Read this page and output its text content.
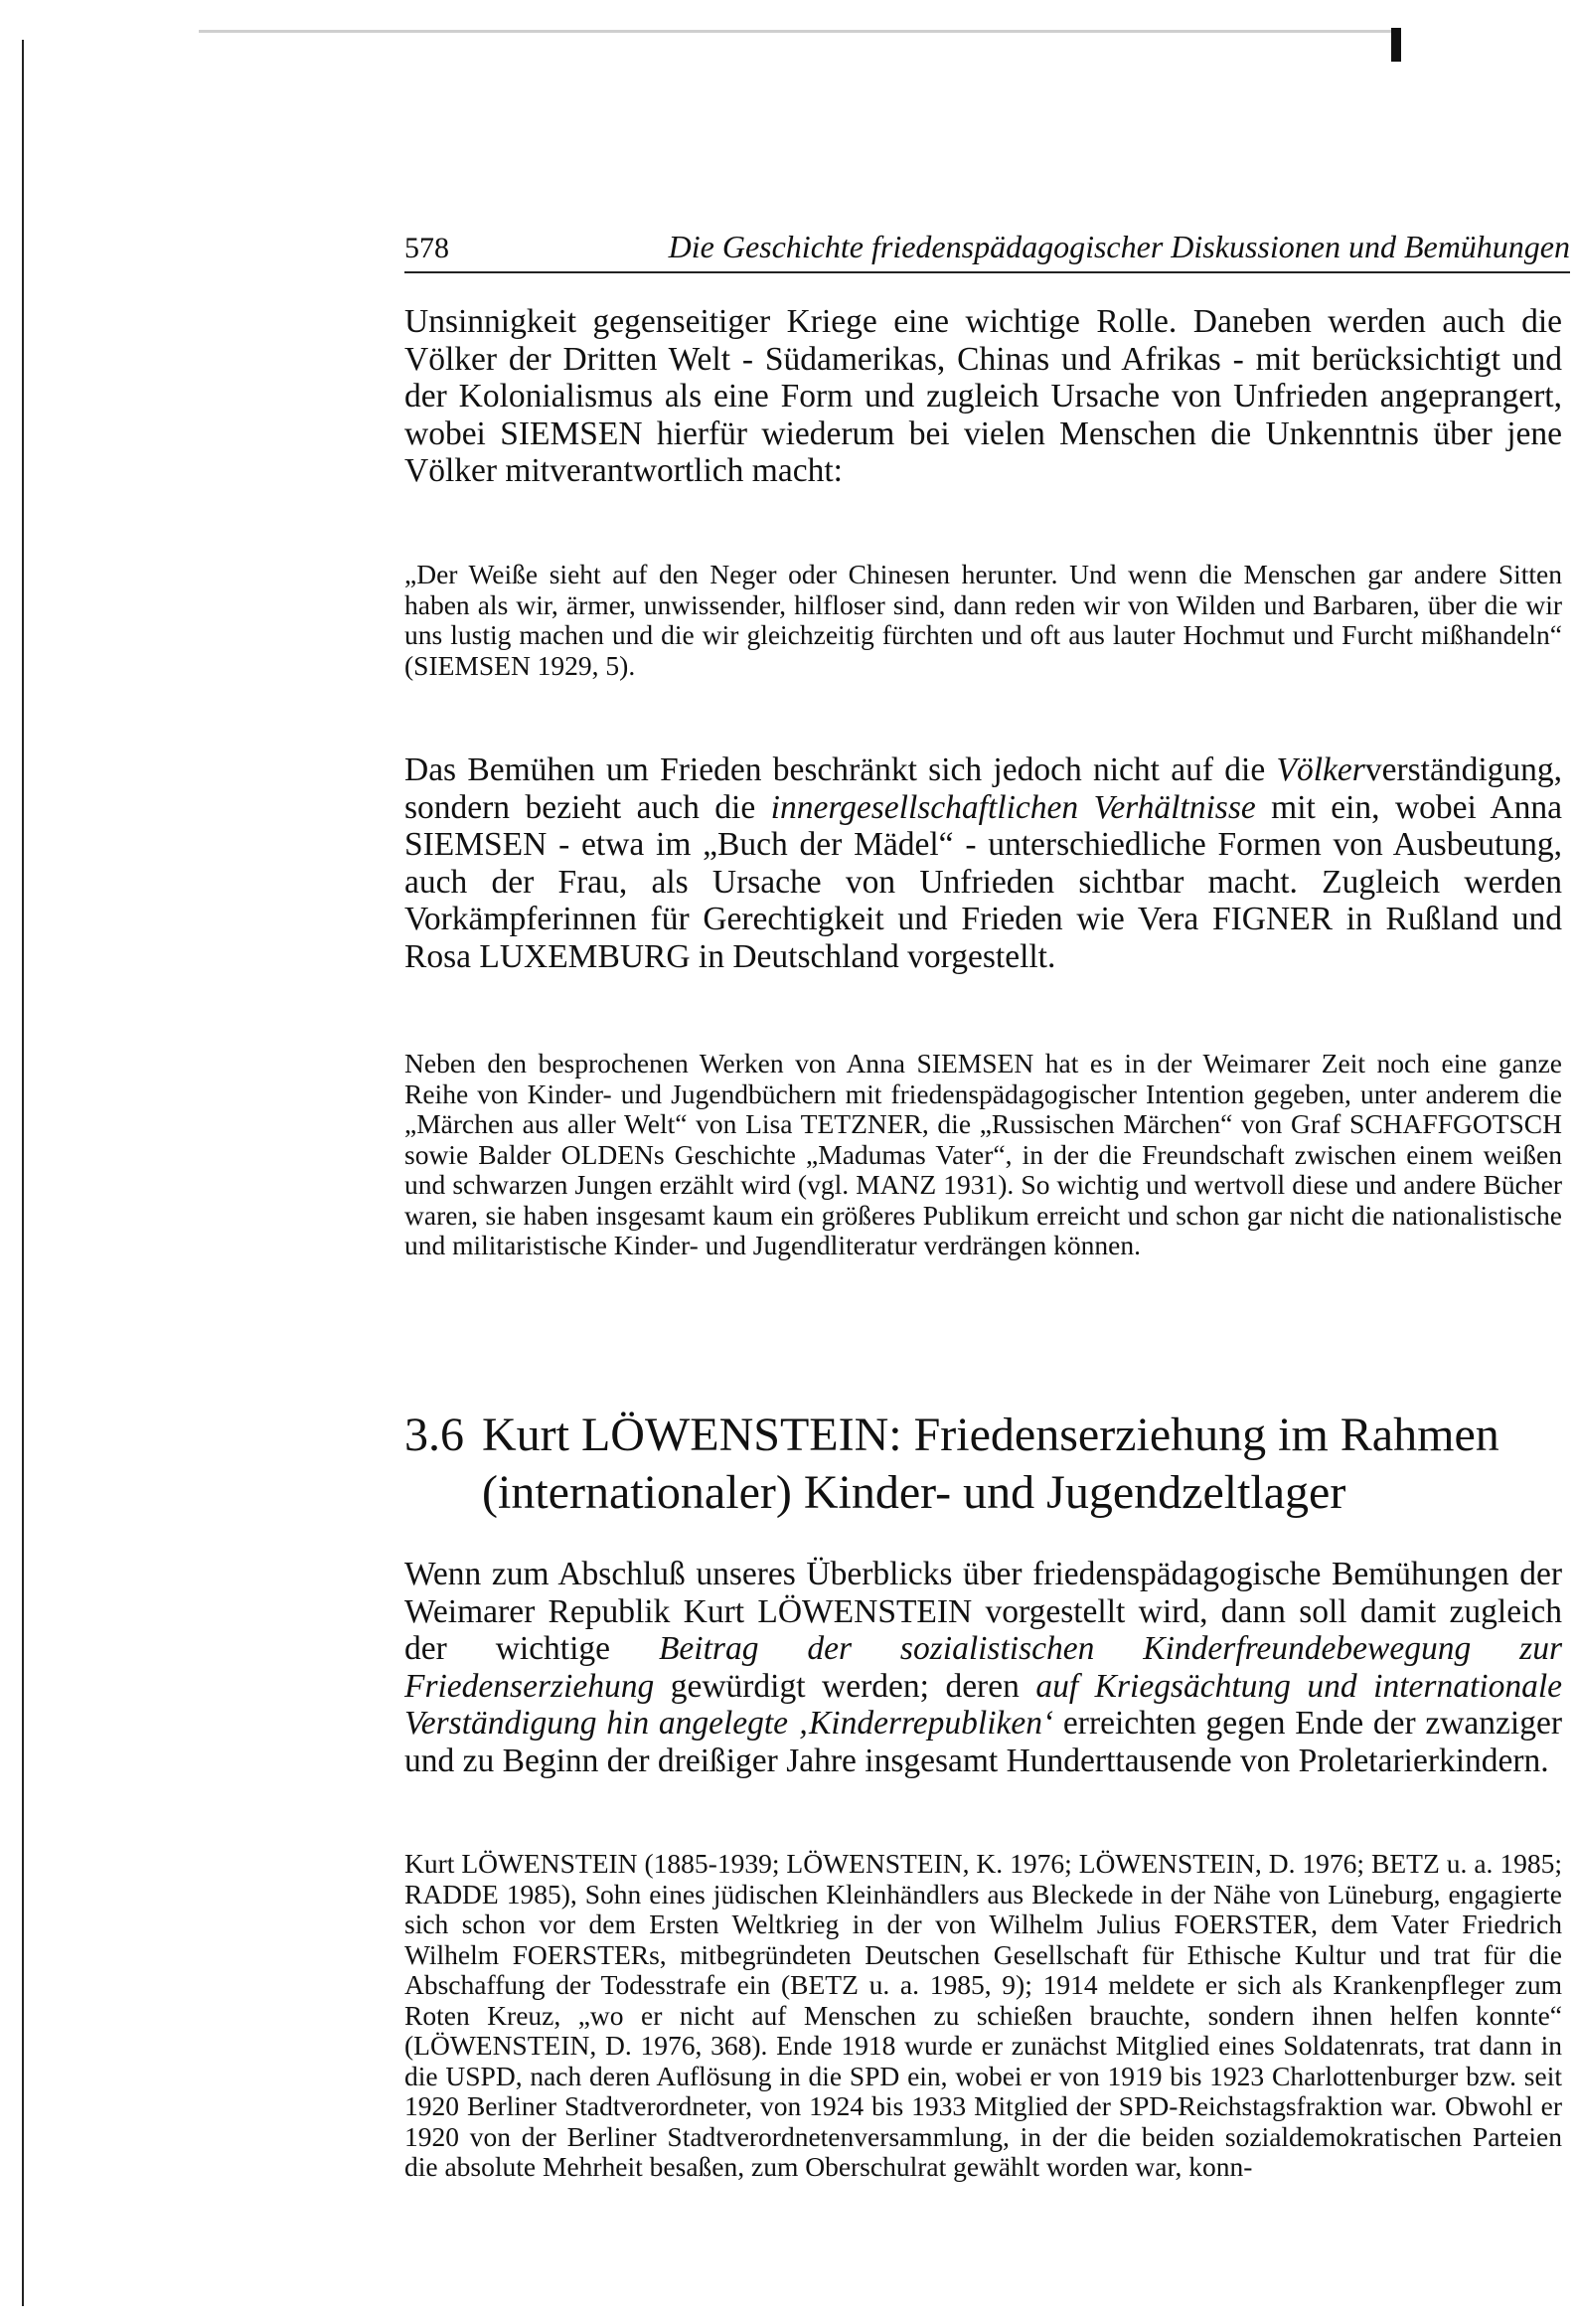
578	Die Geschichte friedenspädagogischer Diskussionen und Bemühungen

Unsinnigkeit gegenseitiger Kriege eine wichtige Rolle. Daneben werden auch die Völker der Dritten Welt - Südamerikas, Chinas und Afrikas - mit berücksichtigt und der Kolonialismus als eine Form und zugleich Ursache von Unfrieden angeprangert, wobei SIEMSEN hierfür wiederum bei vielen Menschen die Unkenntnis über jene Völker mitverantwortlich macht:

„Der Weiße sieht auf den Neger oder Chinesen herunter. Und wenn die Menschen gar andere Sitten haben als wir, ärmer, unwissender, hilfloser sind, dann reden wir von Wilden und Barbaren, über die wir uns lustig machen und die wir gleichzeitig fürchten und oft aus lauter Hochmut und Furcht mißhandeln“ (SIEMSEN 1929, 5).

Das Bemühen um Frieden beschränkt sich jedoch nicht auf die Völkerverständigung, sondern bezieht auch die innergesellschaftlichen Verhältnisse mit ein, wobei Anna SIEMSEN - etwa im „Buch der Mädel“ - unterschiedliche Formen von Ausbeutung, auch der Frau, als Ursache von Unfrieden sichtbar macht. Zugleich werden Vorkämpferinnen für Gerechtigkeit und Frieden wie Vera FIGNER in Rußland und Rosa LUXEMBURG in Deutschland vorgestellt.

Neben den besprochenen Werken von Anna SIEMSEN hat es in der Weimarer Zeit noch eine ganze Reihe von Kinder- und Jugendbüchern mit friedenspädagogischer Intention gegeben, unter anderem die „Märchen aus aller Welt“ von Lisa TETZNER, die „Russischen Märchen“ von Graf SCHAFFGOTSCH sowie Balder OLDENs Geschichte „Madumas Vater“, in der die Freundschaft zwischen einem weißen und schwarzen Jungen erzählt wird (vgl. MANZ 1931). So wichtig und wertvoll diese und andere Bücher waren, sie haben insgesamt kaum ein größeres Publikum erreicht und schon gar nicht die nationalistische und militaristische Kinder- und Jugendliteratur verdrängen können.

3.6 Kurt LÖWENSTEIN: Friedenserziehung im Rahmen
(internationaler) Kinder- und Jugendzeltlager

Wenn zum Abschluß unseres Überblicks über friedenspädagogische Bemühungen der Weimarer Republik Kurt LÖWENSTEIN vorgestellt wird, dann soll damit zugleich der wichtige Beitrag der sozialistischen Kinderfreundebewegung zur Friedenserziehung gewürdigt werden; deren auf Kriegsächtung und internationale Verständigung hin angelegte ‚Kinderrepubliken‘ erreichten gegen Ende der zwanziger und zu Beginn der dreißiger Jahre insgesamt Hunderttausende von Proletarierkindern.

Kurt LÖWENSTEIN (1885-1939; LÖWENSTEIN, K. 1976; LÖWENSTEIN, D. 1976; BETZ u. a. 1985; RADDE 1985), Sohn eines jüdischen Kleinhändlers aus Bleckede in der Nähe von Lüneburg, engagierte sich schon vor dem Ersten Weltkrieg in der von Wilhelm Julius FOERSTER, dem Vater Friedrich Wilhelm FOERSTERs, mitbegründeten Deutschen Gesellschaft für Ethische Kultur und trat für die Abschaffung der Todesstrafe ein (BETZ u. a. 1985, 9); 1914 meldete er sich als Krankenpfleger zum Roten Kreuz, „wo er nicht auf Menschen zu schießen brauchte, sondern ihnen helfen konnte“ (LÖWENSTEIN, D. 1976, 368). Ende 1918 wurde er zunächst Mitglied eines Soldatenrats, trat dann in die USPD, nach deren Auflösung in die SPD ein, wobei er von 1919 bis 1923 Charlottenburger bzw. seit 1920 Berliner Stadtverordneter, von 1924 bis 1933 Mitglied der SPD-Reichstagsfraktion war. Obwohl er 1920 von der Berliner Stadtverordnetenversammlung, in der die beiden sozialdemokratischen Parteien die absolute Mehrheit besaßen, zum Oberschulrat gewählt worden war, konn-
